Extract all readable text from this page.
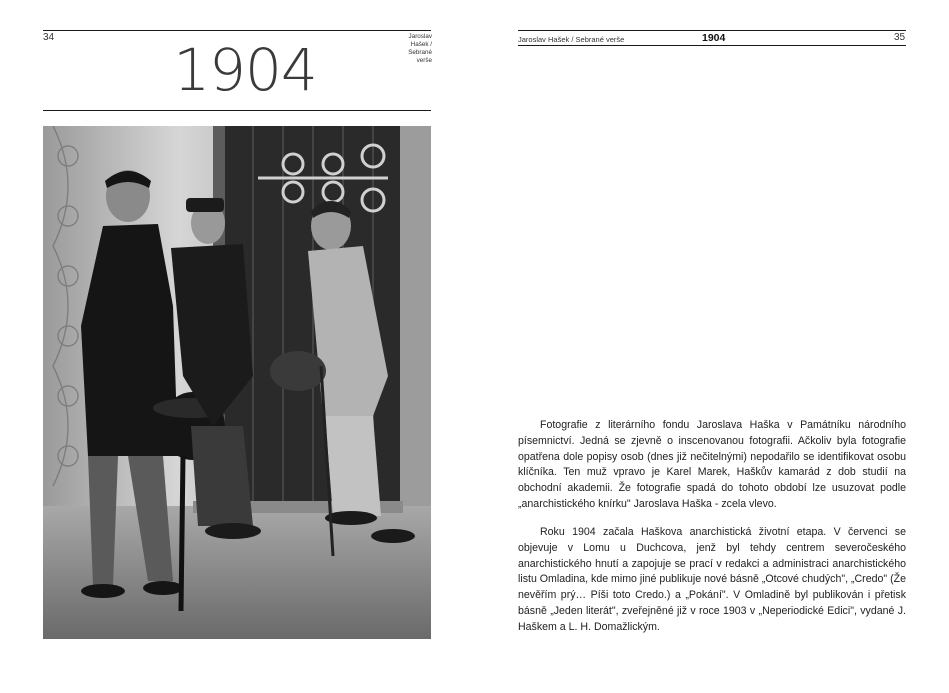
34	Jaroslav Hašek / Sebrané verše
1904	Jaroslav Hašek / Sebrané verše	1904	35

Fotografie z literárního fondu Jaroslava Haška v Památníku národního písemnictví. Jedná se zjevně o inscenovanou fotografii. Ačkoliv byla fotografie opatřena dole popisy osob (dnes již nečitelnými) nepodařilo se identifikovat osobu klíčníka. Ten muž vpravo je Karel Marek, Haškův kamarád z dob studií na obchodní akademii. Že fotografie spadá do tohoto období lze usuzovat podle „anarchistického knírku" Jaroslava Haška - zcela vlevo.

Roku 1904 začala Haškova anarchistická životní etapa. V červenci se objevuje v Lomu u Duchcova, jenž byl tehdy centrem severočeského anarchistického hnutí a zapojuje se prací v redakci a administraci anarchistického listu Omladina, kde mimo jiné publikuje nové básně „Otcové chudých", „Credo" (Že nevěřím prý… Píši toto Credo.) a „Pokání". V Omladině byl publikován i přetisk básně „Jeden literát", zveřejněné již v roce 1903 v „Neperiodické Edici", vydané J. Haškem a L. H. Domažlickým.
